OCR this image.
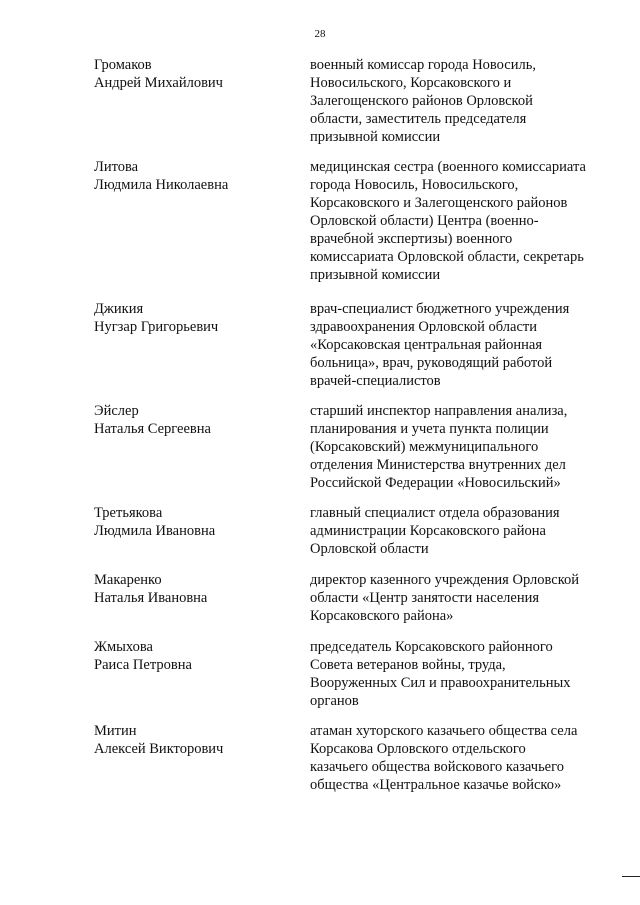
28
Громаков
Андрей Михайлович
военный комиссар города Новосиль,
Новосильского, Корсаковского и
Залегощенского районов Орловской
области, заместитель председателя
призывной комиссии
Литова
Людмила Николаевна
медицинская сестра (военного комиссариата
города Новосиль, Новосильского,
Корсаковского и Залегощенского районов
Орловской области) Центра (военно-
врачебной экспертизы) военного
комиссариата Орловской области, секретарь
призывной комиссии
Джикия
Нугзар Григорьевич
врач-специалист бюджетного учреждения
здравоохранения Орловской области
«Корсаковская центральная районная
больница», врач, руководящий работой
врачей-специалистов
Эйслер
Наталья Сергеевна
старший инспектор направления анализа,
планирования и учета пункта полиции
(Корсаковский) межмуниципального
отделения Министерства внутренних дел
Российской Федерации «Новосильский»
Третьякова
Людмила Ивановна
главный специалист отдела образования
администрации Корсаковского района
Орловской области
Макаренко
Наталья Ивановна
директор казенного учреждения Орловской
области «Центр занятости населения
Корсаковского района»
Жмыхова
Раиса Петровна
председатель Корсаковского районного
Совета ветеранов войны, труда,
Вооруженных Сил и правоохранительных
органов
Митин
Алексей Викторович
атаман хуторского казачьего общества села
Корсакова Орловского отдельского
казачьего общества войскового казачьего
общества «Центральное казачье войско»
